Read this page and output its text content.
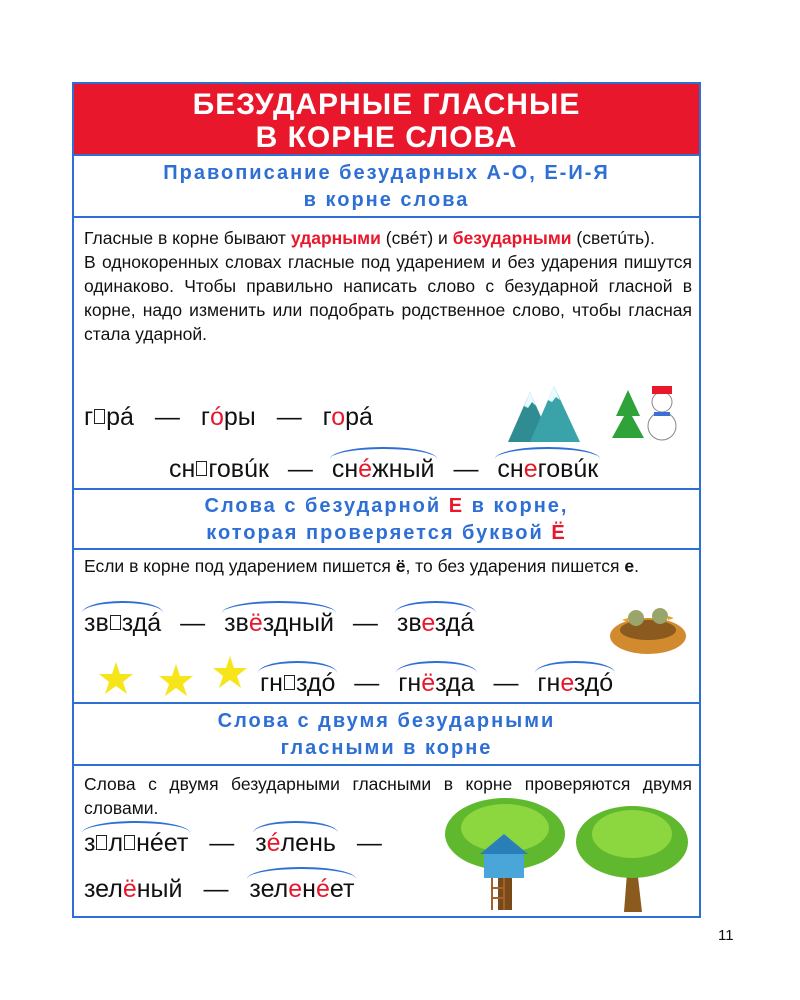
БЕЗУДАРНЫЕ ГЛАСНЫЕ
В КОРНЕ СЛОВА
Правописание безударных А-О, Е-И-Я
в корне слова
Гласные в корне бывают ударными (свéт) и безударными (светúть).
В однокоренных словах гласные под ударением и без ударения пишутся одинаково. Чтобы правильно написать слово с безударной гласной в корне, надо изменить или подобрать родственное слово, чтобы гласная стала ударной.
г рá — гóры — горá
сн говúк — снéжный — снеговúк
Слова с безударной Е в корне,
которая проверяется буквой Ё
Если в корне под ударением пишется ё, то без ударения пишется е.
зв здá — звёздный — звездá
гн здó — гнёзда — гнездó
Слова с двумя безударными
гласными в корне
Слова с двумя безударными гласными в корне проверяются двумя словами.
з л нéет — зéлень —
зелёный — зеленéет
11
